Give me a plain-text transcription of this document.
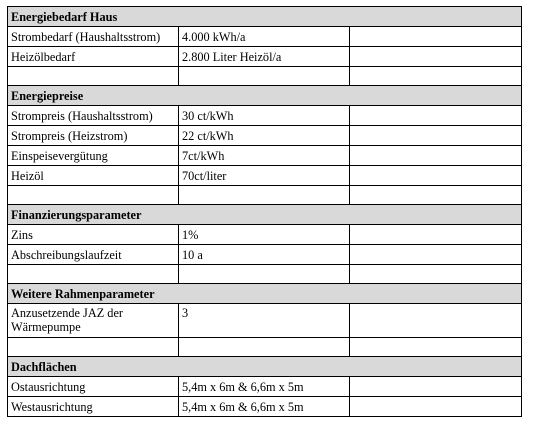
Energiebedarf Haus		
Strombedarf (Haushaltsstrom)	4.000 kWh/a	
Heizölbedarf	2.800 Liter Heizöl/a	

Energiepreise		
Strompreis (Haushaltsstrom)	30 ct/kWh	
Strompreis (Heizstrom)	22 ct/kWh	
Einspeisevergütung	7ct/kWh	
Heizöl	70ct/liter	

Finanzierungsparameter		
Zins	1%	
Abschreibungslaufzeit	10 a	

Weitere Rahmenparameter		
Anzusetzende JAZ der Wärmepumpe	3	

Dachflächen		
Ostausrichtung	5,4m x 6m & 6,6m x 5m	
Westausrichtung	5,4m x 6m & 6,6m x 5m	
